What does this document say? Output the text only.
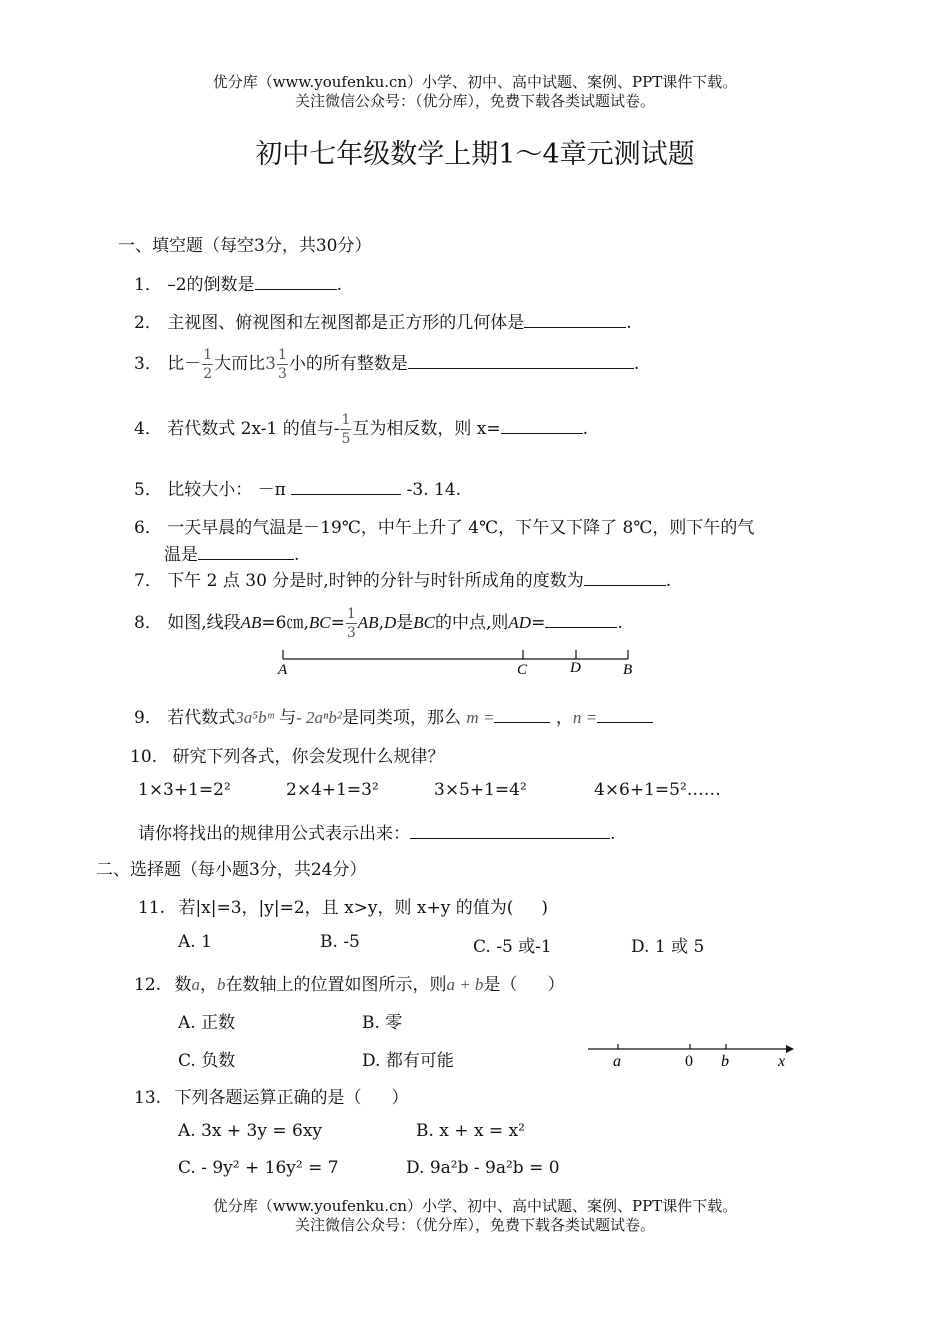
优分库（www.youfenku.cn）小学、初中、高中试题、案例、PPT课件下载。
关注微信公众号：（优分库），免费下载各类试题试卷。
初中七年级数学上期1～4章元测试题
一、填空题（每空3分，共30分）
1． –2的倒数是	.
2． 主视图、俯视图和左视图都是正方形的几何体是	.
3． 比－ $\frac{1}{2}$ 大而比$3 \frac{1}{3}$ 小的所有整数是	.
4． 若代数式 2x-1 的值与- $\frac{1}{5}$ 互为相反数，则 x=	.
5． 比较大小： －π	-3. 14.
6． 一天早晨的气温是－19℃，中午上升了 4℃，下午又下降了 8℃，则下午的气
温是	.
7． 下午 2 点 30 分是时,时钟的分针与时针所成角的度数为	.
8． 如图,线段AB=6㎝,BC= $\frac{1}{3} AB,D$是BC的中点,则AD=	.
A	C	D	B
9． 若代数式3a⁵bᵐ 与- 2aⁿb²是同类项，那么 m =	，n =
10. 研究下列各式，你会发现什么规律？
1×3+1=2²	2×4+1=3²	3×5+1=4²	4×6+1=5²……
请你将找出的规律用公式表示出来：	.
二、选择题（每小题3分，共24分）
11. 若|x|=3，|y|=2，且 x>y，则 x+y 的值为( )
A. 1	B. -5	C. -5 或-1	D. 1 或 5
12. 数a，b在数轴上的位置如图所示，则a + b是（ ）
A. 正数	B. 零
C. 负数	D. 都有可能	a	0 b	x
13. 下列各题运算正确的是（ ）
A. 3x + 3y = 6xy	B. x + x = x²
C. - 9y² + 16y² = 7	D. 9a²b - 9a²b = 0
优分库（www.youfenku.cn）小学、初中、高中试题、案例、PPT课件下载。
关注微信公众号：（优分库），免费下载各类试题试卷。
